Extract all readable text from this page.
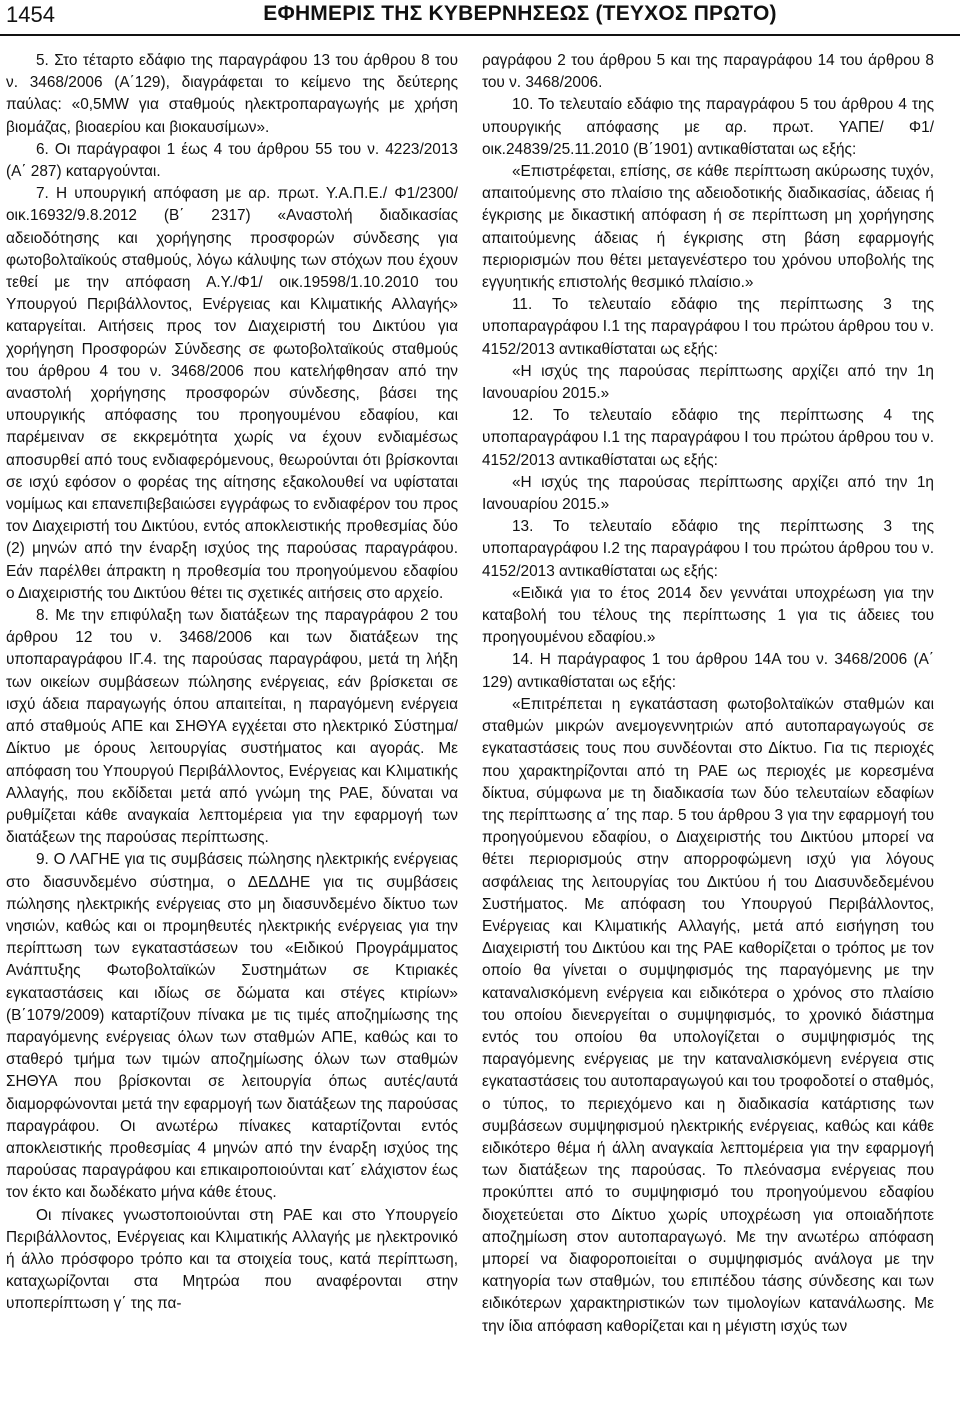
1454	ΕΦΗΜΕΡΙΣ ΤΗΣ ΚΥΒΕΡΝΗΣΕΩΣ (ΤΕΥΧΟΣ ΠΡΩΤΟ)

5. Στο τέταρτο εδάφιο της παραγράφου 13 του άρθρου 8 του ν. 3468/2006 (Α΄129), διαγράφεται το κείμενο της δεύτερης παύλας: «0,5MW για σταθμούς ηλεκτροπαραγωγής με χρήση βιομάζας, βιοαερίου και βιοκαυσίμων».

6. Οι παράγραφοι 1 έως 4 του άρθρου 55 του ν. 4223/2013 (Α΄ 287) καταργούνται.

7. Η υπουργική απόφαση με αρ. πρωτ. Υ.Α.Π.Ε./ Φ1/2300/οικ.16932/9.8.2012 (Β΄ 2317) «Αναστολή διαδικασίας αδειοδότησης και χορήγησης προσφορών σύνδεσης για φωτοβολταϊκούς σταθμούς, λόγω κάλυψης των στόχων που έχουν τεθεί με την απόφαση Α.Υ./Φ1/ οικ.19598/1.10.2010 του Υπουργού Περιβάλλοντος, Ενέργειας και Κλιματικής Αλλαγής» καταργείται. Αιτήσεις προς τον Διαχειριστή του Δικτύου για χορήγηση Προσφορών Σύνδεσης σε φωτοβολταϊκούς σταθμούς του άρθρου 4 του ν. 3468/2006 που κατελήφθησαν από την αναστολή χορήγησης προσφορών σύνδεσης, βάσει της υπουργικής απόφασης του προηγουμένου εδαφίου, και παρέμειναν σε εκκρεμότητα χωρίς να έχουν ενδιαμέσως αποσυρθεί από τους ενδιαφερόμενους, θεωρούνται ότι βρίσκονται σε ισχύ εφόσον ο φορέας της αίτησης εξακολουθεί να υφίσταται νομίμως και επανεπιβεβαιώσει εγγράφως το ενδιαφέρον του προς τον Διαχειριστή του Δικτύου, εντός αποκλειστικής προθεσμίας δύο (2) μηνών από την έναρξη ισχύος της παρούσας παραγράφου. Εάν παρέλθει άπρακτη η προθεσμία του προηγούμενου εδαφίου ο Διαχειριστής του Δικτύου θέτει τις σχετικές αιτήσεις στο αρχείο.

8. Με την επιφύλαξη των διατάξεων της παραγράφου 2 του άρθρου 12 του ν. 3468/2006 και των διατάξεων της υποπαραγράφου ΙΓ.4. της παρούσας παραγράφου, μετά τη λήξη των οικείων συμβάσεων πώλησης ενέργειας, εάν βρίσκεται σε ισχύ άδεια παραγωγής όπου απαιτείται, η παραγόμενη ενέργεια από σταθμούς ΑΠΕ και ΣΗΘΥΑ εγχέεται στο ηλεκτρικό Σύστημα/ Δίκτυο με όρους λειτουργίας συστήματος και αγοράς. Με απόφαση του Υπουργού Περιβάλλοντος, Ενέργειας και Κλιματικής Αλλαγής, που εκδίδεται μετά από γνώμη της ΡΑΕ, δύναται να ρυθμίζεται κάθε αναγκαία λεπτομέρεια για την εφαρμογή των διατάξεων της παρούσας περίπτωσης.

9. Ο ΛΑΓΗΕ για τις συμβάσεις πώλησης ηλεκτρικής ενέργειας στο διασυνδεμένο σύστημα, ο ΔΕΔΔΗΕ για τις συμβάσεις πώλησης ηλεκτρικής ενέργειας στο μη διασυνδεμένο δίκτυο των νησιών, καθώς και οι προμηθευτές ηλεκτρικής ενέργειας για την περίπτωση των εγκαταστάσεων του «Ειδικού Προγράμματος Ανάπτυξης Φωτοβολταϊκών Συστημάτων σε Κτιριακές εγκαταστάσεις και ιδίως σε δώματα και στέγες κτιρίων» (Β΄1079/2009) καταρτίζουν πίνακα με τις τιμές αποζημίωσης της παραγόμενης ενέργειας όλων των σταθμών ΑΠΕ, καθώς και το σταθερό τμήμα των τιμών αποζημίωσης όλων των σταθμών ΣΗΘΥΑ που βρίσκονται σε λειτουργία όπως αυτές/αυτά διαμορφώνονται μετά την εφαρμογή των διατάξεων της παρούσας παραγράφου. Οι ανωτέρω πίνακες καταρτίζονται εντός αποκλειστικής προθεσμίας 4 μηνών από την έναρξη ισχύος της παρούσας παραγράφου και επικαιροποιούνται κατ΄ ελάχιστον έως τον έκτο και δωδέκατο μήνα κάθε έτους.

Οι πίνακες γνωστοποιούνται στη ΡΑΕ και στο Υπουργείο Περιβάλλοντος, Ενέργειας και Κλιματικής Αλλαγής με ηλεκτρονικό ή άλλο πρόσφορο τρόπο και τα στοιχεία τους, κατά περίπτωση, καταχωρίζονται στα Μητρώα που αναφέρονται στην υποπερίπτωση γ΄ της πα-

ραγράφου 2 του άρθρου 5 και της παραγράφου 14 του άρθρου 8 του ν. 3468/2006.

10. Το τελευταίο εδάφιο της παραγράφου 5 του άρθρου 4 της υπουργικής απόφασης με αρ. πρωτ. ΥΑΠΕ/ Φ1/οικ.24839/25.11.2010 (Β΄1901) αντικαθίσταται ως εξής:

«Επιστρέφεται, επίσης, σε κάθε περίπτωση ακύρωσης τυχόν, απαιτούμενης στο πλαίσιο της αδειοδοτικής διαδικασίας, άδειας ή έγκρισης με δικαστική απόφαση ή σε περίπτωση μη χορήγησης απαιτούμενης άδειας ή έγκρισης στη βάση εφαρμογής περιορισμών που θέτει μεταγενέστερο του χρόνου υποβολής της εγγυητικής επιστολής θεσμικό πλαίσιο.»

11. Το τελευταίο εδάφιο της περίπτωσης 3 της υποπαραγράφου Ι.1 της παραγράφου Ι του πρώτου άρθρου του ν. 4152/2013 αντικαθίσταται ως εξής:

«Η ισχύς της παρούσας περίπτωσης αρχίζει από την 1η Ιανουαρίου 2015.»

12. Το τελευταίο εδάφιο της περίπτωσης 4 της υποπαραγράφου Ι.1 της παραγράφου Ι του πρώτου άρθρου του ν. 4152/2013 αντικαθίσταται ως εξής:

«Η ισχύς της παρούσας περίπτωσης αρχίζει από την 1η Ιανουαρίου 2015.»

13. Το τελευταίο εδάφιο της περίπτωσης 3 της υποπαραγράφου Ι.2 της παραγράφου Ι του πρώτου άρθρου του ν. 4152/2013 αντικαθίσταται ως εξής:

«Ειδικά για το έτος 2014 δεν γεννάται υποχρέωση για την καταβολή του τέλους της περίπτωσης 1 για τις άδειες του προηγουμένου εδαφίου.»

14. Η παράγραφος 1 του άρθρου 14Α του ν. 3468/2006 (Α΄ 129) αντικαθίσταται ως εξής:

«Επιτρέπεται η εγκατάσταση φωτοβολταϊκών σταθμών και σταθμών μικρών ανεμογεννητριών από αυτοπαραγωγούς σε εγκαταστάσεις τους που συνδέονται στο Δίκτυο. Για τις περιοχές που χαρακτηρίζονται από τη ΡΑΕ ως περιοχές με κορεσμένα δίκτυα, σύμφωνα με τη διαδικασία των δύο τελευταίων εδαφίων της περίπτωσης α΄ της παρ. 5 του άρθρου 3 για την εφαρμογή του προηγούμενου εδαφίου, ο Διαχειριστής του Δικτύου μπορεί να θέτει περιορισμούς στην απορροφώμενη ισχύ για λόγους ασφάλειας της λειτουργίας του Δικτύου ή του Διασυνδεδεμένου Συστήματος. Με απόφαση του Υπουργού Περιβάλλοντος, Ενέργειας και Κλιματικής Αλλαγής, μετά από εισήγηση του Διαχειριστή του Δικτύου και της ΡΑΕ καθορίζεται ο τρόπος με τον οποίο θα γίνεται ο συμψηφισμός της παραγόμενης με την καταναλισκόμενη ενέργεια και ειδικότερα ο χρόνος στο πλαίσιο του οποίου διενεργείται ο συμψηφισμός, το χρονικό διάστημα εντός του οποίου θα υπολογίζεται ο συμψηφισμός της παραγόμενης ενέργειας με την καταναλισκόμενη ενέργεια στις εγκαταστάσεις του αυτοπαραγωγού και του τροφοδοτεί ο σταθμός, ο τύπος, το περιεχόμενο και η διαδικασία κατάρτισης των συμβάσεων συμψηφισμού ηλεκτρικής ενέργειας, καθώς και κάθε ειδικότερο θέμα ή άλλη αναγκαία λεπτομέρεια για την εφαρμογή των διατάξεων της παρούσας. Το πλεόνασμα ενέργειας που προκύπτει από το συμψηφισμό του προηγούμενου εδαφίου διοχετεύεται στο Δίκτυο χωρίς υποχρέωση για οποιαδήποτε αποζημίωση στον αυτοπαραγωγό. Με την ανωτέρω απόφαση μπορεί να διαφοροποιείται ο συμψηφισμός ανάλογα με την κατηγορία των σταθμών, του επιπέδου τάσης σύνδεσης και των ειδικότερων χαρακτηριστικών των τιμολογίων κατανάλωσης. Με την ίδια απόφαση καθορίζεται και η μέγιστη ισχύς των
